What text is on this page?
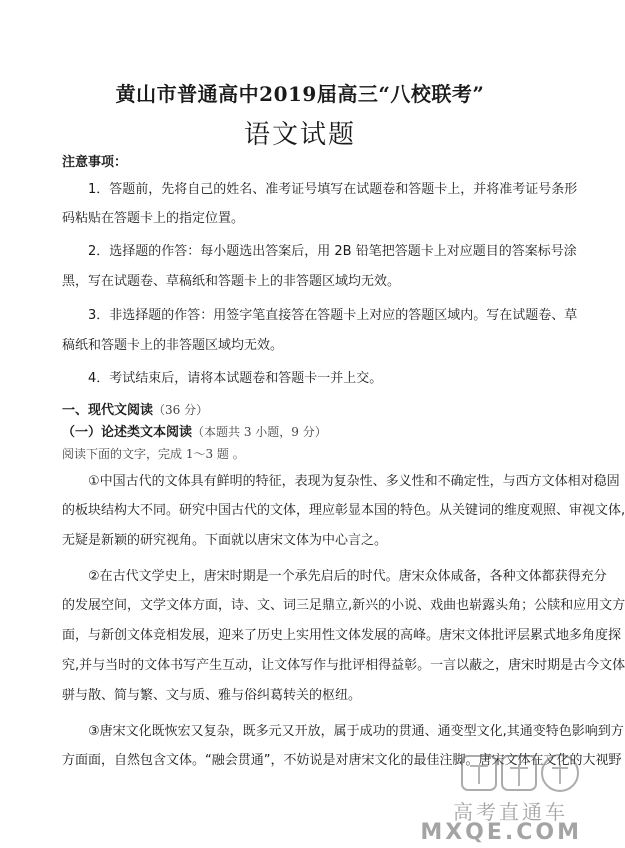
黄山市普通高中2019届高三“八校联考”
语文试题
注意事项：
1．答题前，先将自己的姓名、准考证号填写在试题卷和答题卡上，并将准考证号条形
码粘贴在答题卡上的指定位置。
2．选择题的作答：每小题选出答案后，用 2B 铅笔把答题卡上对应题目的答案标号涂
黑，写在试题卷、草稿纸和答题卡上的非答题区域均无效。
3．非选择题的作答：用签字笔直接答在答题卡上对应的答题区域内。写在试题卷、草
稿纸和答题卡上的非答题区域均无效。
4．考试结束后，请将本试题卷和答题卡一并上交。
一、现代文阅读（36 分）
（一）论述类文本阅读（本题共 3 小题，9 分）
阅读下面的文字，完成 1～3 题 。
①中国古代的文体具有鲜明的特征，表现为复杂性、多义性和不确定性，与西方文体相对稳固
的板块结构大不同。研究中国古代的文体，理应彰显本国的特色。从关键词的维度观照、审视文体,
无疑是新颖的研究视角。下面就以唐宋文体为中心言之。
②在古代文学史上，唐宋时期是一个承先启后的时代。唐宋众体咸备，各种文体都获得充分
的发展空间，文学文体方面，诗、文、词三足鼎立,新兴的小说、戏曲也崭露头角；公牍和应用文方
面，与新创文体竞相发展，迎来了历史上实用性文体发展的高峰。唐宋文体批评层累式地多角度探
究,并与当时的文体书写产生互动，让文体写作与批评相得益彰。一言以蔽之，唐宋时期是古今文体
骈与散、简与繁、文与质、雅与俗纠葛转关的枢纽。
③唐宋文化既恢宏又复杂，既多元又开放，属于成功的贯通、通变型文化,其通变特色影响到方
方面面，自然包含文体。“融会贯通”，不妨说是对唐宋文化的最佳注脚。唐宋文体在文化的大视野
高考直通车
MXQE.COM
